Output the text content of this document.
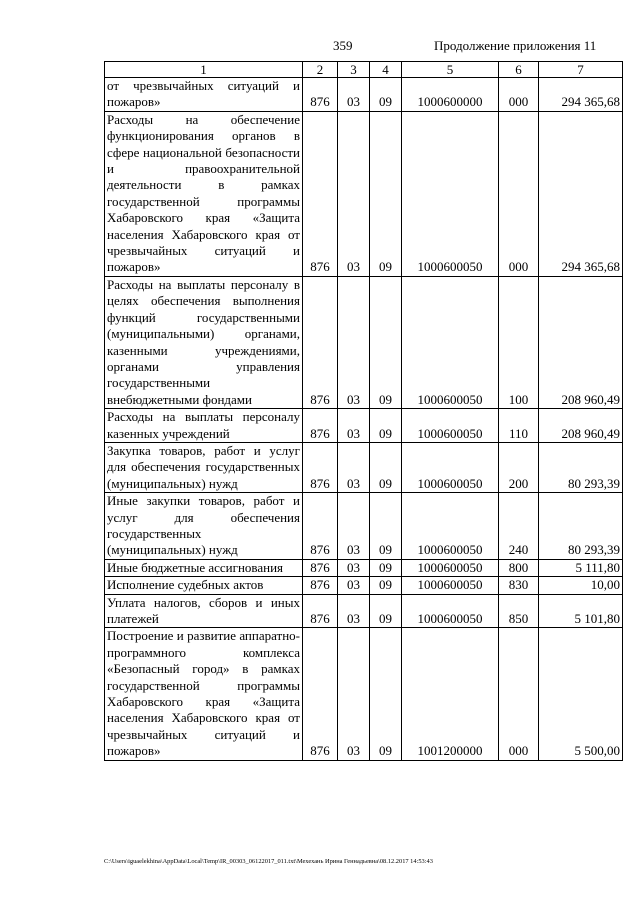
359	Продолжение приложения 11
1	2	3	4	5	6	7
от чрезвычайных ситуаций и пожаров»	876	03	09	1000600000	000	294 365,68
Расходы на обеспечение функционирования органов в сфере национальной безопасности и правоохранительной деятельности в рамках государственной программы Хабаровского края «Защита населения Хабаровского края от чрезвычайных ситуаций и пожаров»	876	03	09	1000600050	000	294 365,68
Расходы на выплаты персоналу в целях обеспечения выполнения функций государственными (муниципальными) органами, казенными учреждениями, органами управления государственными внебюджетными фондами	876	03	09	1000600050	100	208 960,49
Расходы на выплаты персоналу казенных учреждений	876	03	09	1000600050	110	208 960,49
Закупка товаров, работ и услуг для обеспечения государственных (муниципальных) нужд	876	03	09	1000600050	200	80 293,39
Иные закупки товаров, работ и услуг для обеспечения государственных (муниципальных) нужд	876	03	09	1000600050	240	80 293,39
Иные бюджетные ассигнования	876	03	09	1000600050	800	5 111,80
Исполнение судебных актов	876	03	09	1000600050	830	10,00
Уплата налогов, сборов и иных платежей	876	03	09	1000600050	850	5 101,80
Построение и развитие аппаратно-программного комплекса «Безопасный город» в рамках государственной программы Хабаровского края «Защита населения Хабаровского края от чрезвычайных ситуаций и пожаров»	876	03	09	1001200000	000	5 500,00
C:\Users\iguaelekhina\AppData\Local\Temp\IR_00303_06122017_011.txt\Мехехань Ирина Геннадьевна\08.12.2017 14:53:43
